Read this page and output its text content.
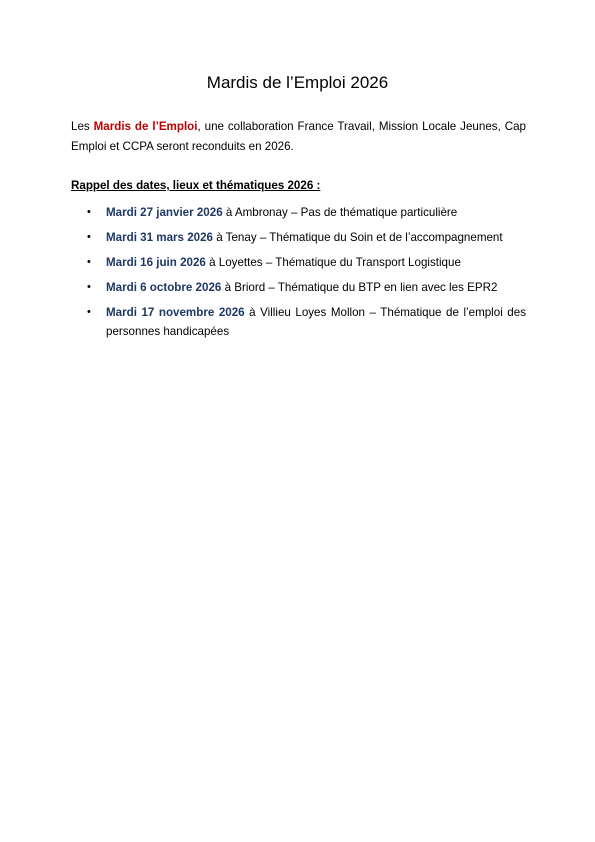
Mardis de l’Emploi 2026

Les Mardis de l’Emploi, une collaboration France Travail, Mission Locale Jeunes, Cap Emploi et CCPA seront reconduits en 2026.

Rappel des dates, lieux et thématiques 2026 :
• Mardi 27 janvier 2026 à Ambronay – Pas de thématique particulière
• Mardi 31 mars 2026 à Tenay – Thématique du Soin et de l’accompagnement
• Mardi 16 juin 2026 à Loyettes – Thématique du Transport Logistique
• Mardi 6 octobre 2026 à Briord – Thématique du BTP en lien avec les EPR2
• Mardi 17 novembre 2026 à Villieu Loyes Mollon – Thématique de l’emploi des personnes handicapées
